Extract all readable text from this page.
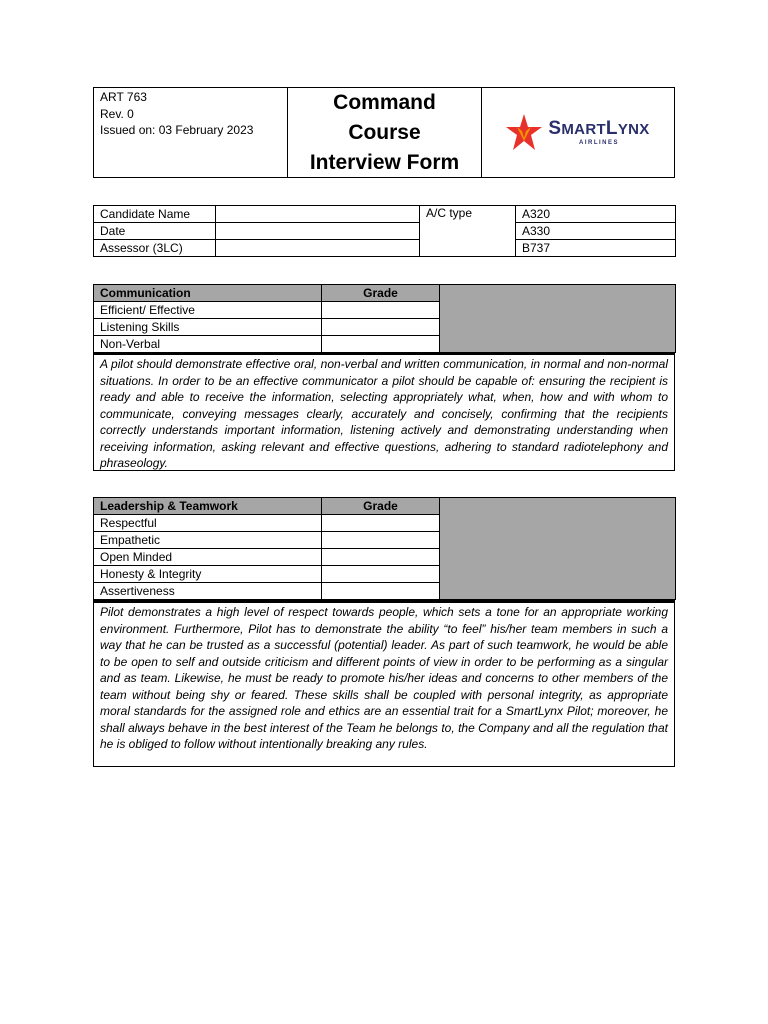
ART 763
Rev. 0
Issued on: 03 February 2023
Command
Course
Interview Form
SMARTLYNX
AIRLINES
Candidate Name		A/C type	A320
Date			A330
Assessor (3LC)			B737
Communication	Grade	
Efficient/ Effective		
Listening Skills		
Non-Verbal		
A pilot should demonstrate effective oral, non-verbal and written communication, in normal and non-normal situations. In order to be an effective communicator a pilot should be capable of: ensuring the recipient is ready and able to receive the information, selecting appropriately what, when, how and with whom to communicate, conveying messages clearly, accurately and concisely, confirming that the recipients correctly understands important information, listening actively and demonstrating understanding when receiving information, asking relevant and effective questions, adhering to standard radiotelephony and phraseology.
Leadership & Teamwork	Grade	
Respectful		
Empathetic		
Open Minded		
Honesty & Integrity		
Assertiveness		
Pilot demonstrates a high level of respect towards people, which sets a tone for an appropriate working environment. Furthermore, Pilot has to demonstrate the ability “to feel” his/her team members in such a way that he can be trusted as a successful (potential) leader. As part of such teamwork, he would be able to be open to self and outside criticism and different points of view in order to be performing as a singular and as team. Likewise, he must be ready to promote his/her ideas and concerns to other members of the team without being shy or feared. These skills shall be coupled with personal integrity, as appropriate moral standards for the assigned role and ethics are an essential trait for a SmartLynx Pilot; moreover, he shall always behave in the best interest of the Team he belongs to, the Company and all the regulation that he is obliged to follow without intentionally breaking any rules.
